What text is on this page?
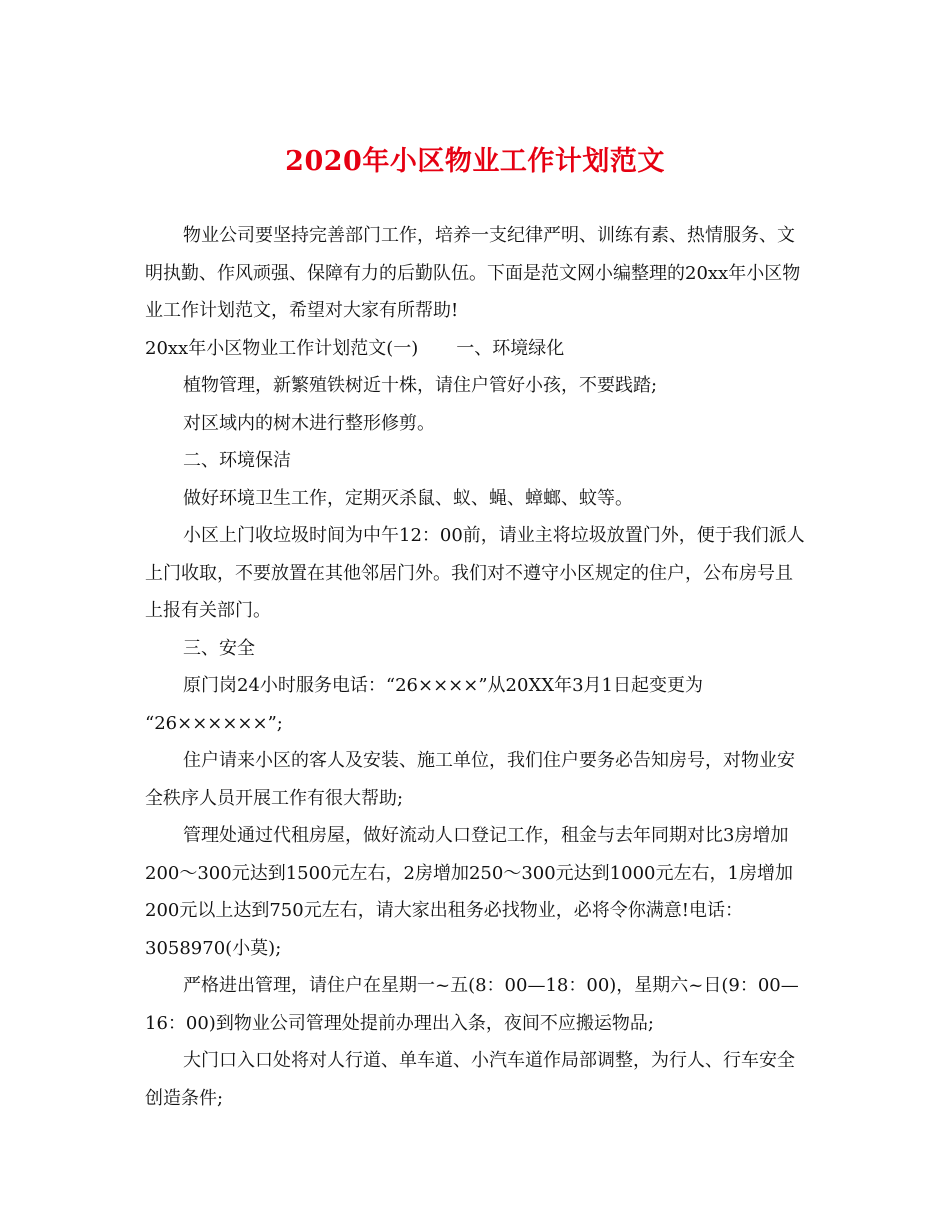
2020年小区物业工作计划范文

物业公司要坚持完善部门工作，培养一支纪律严明、训练有素、热情服务、文明执勤、作风顽强、保障有力的后勤队伍。下面是范文网小编整理的20xx年小区物业工作计划范文，希望对大家有所帮助!

20xx年小区物业工作计划范文(一) 一、环境绿化

植物管理，新繁殖铁树近十株，请住户管好小孩，不要践踏;

对区域内的树木进行整形修剪。

二、环境保洁

做好环境卫生工作，定期灭杀鼠、蚁、蝇、蟑螂、蚊等。

小区上门收垃圾时间为中午12：00前，请业主将垃圾放置门外，便于我们派人上门收取，不要放置在其他邻居门外。我们对不遵守小区规定的住户，公布房号且上报有关部门。

三、安全

原门岗24小时服务电话：“26××××”从20XX年3月1日起变更为

“26××××××”;

住户请来小区的客人及安装、施工单位，我们住户要务必告知房号，对物业安全秩序人员开展工作有很大帮助;

管理处通过代租房屋，做好流动人口登记工作，租金与去年同期对比3房增加200～300元达到1500元左右，2房增加250～300元达到1000元左右，1房增加200元以上达到750元左右，请大家出租务必找物业，必将令你满意!电话：3058970(小莫);

严格进出管理，请住户在星期一~五(8：00—18：00)，星期六~日(9：00—16：00)到物业公司管理处提前办理出入条，夜间不应搬运物品;

大门口入口处将对人行道、单车道、小汽车道作局部调整，为行人、行车安全创造条件;
